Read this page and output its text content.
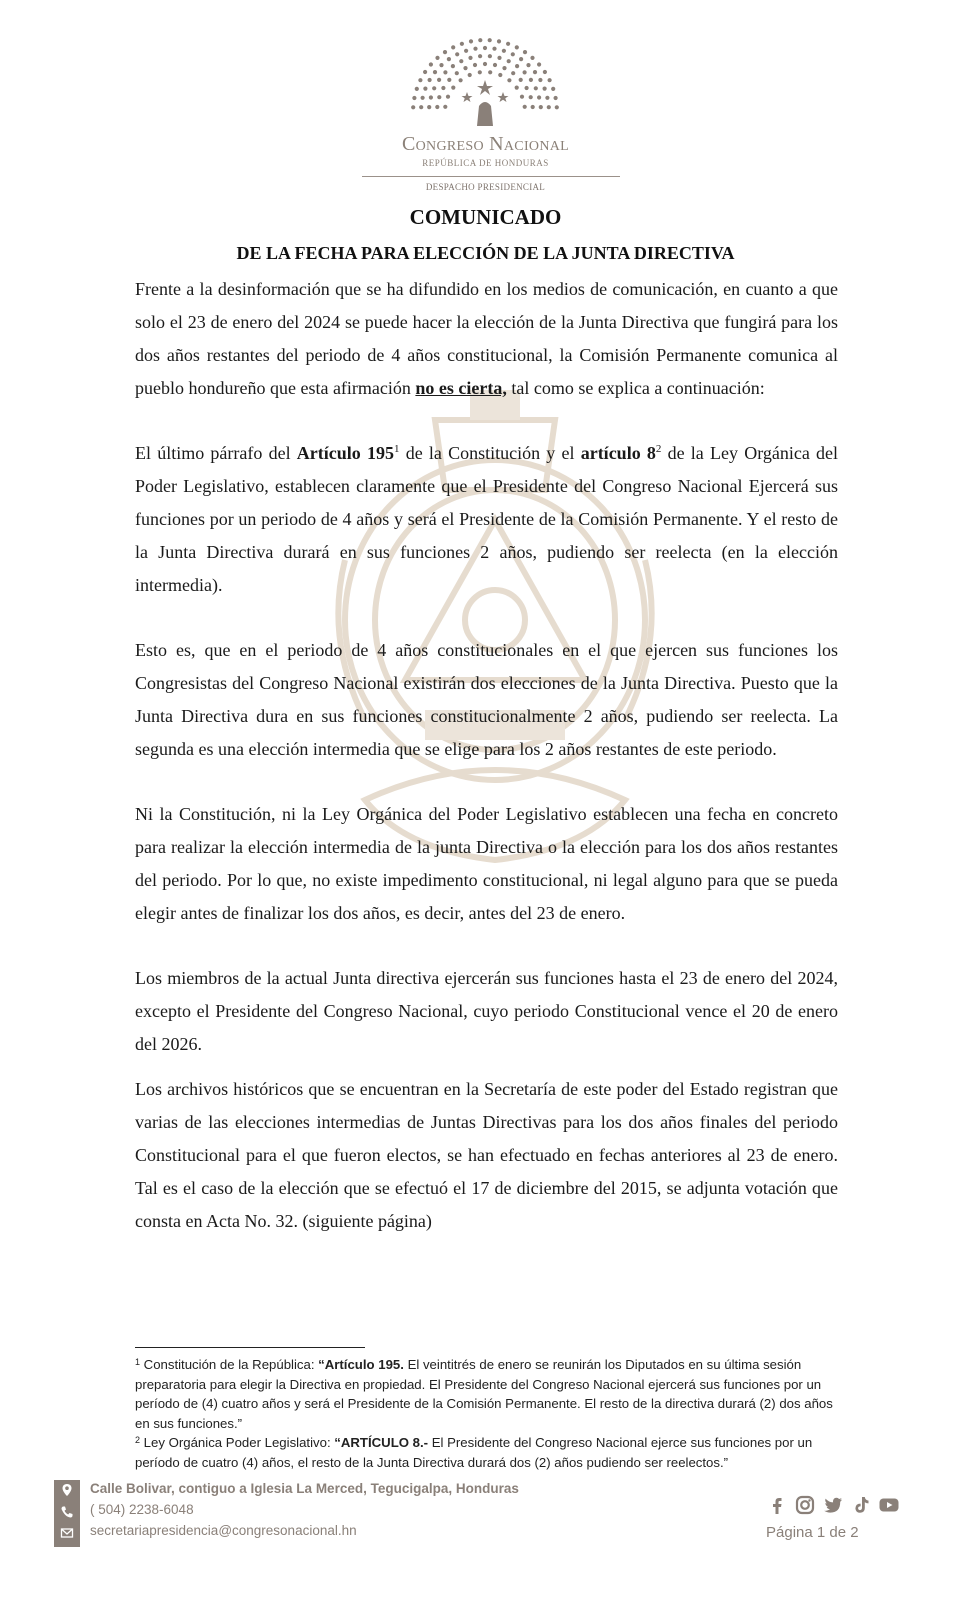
Congreso Nacional
REPÚBLICA DE HONDURAS
DESPACHO PRESIDENCIAL
COMUNICADO
DE LA FECHA PARA ELECCIÓN DE LA JUNTA DIRECTIVA

Frente a la desinformación que se ha difundido en los medios de comunicación, en cuanto a que solo el 23 de enero del 2024 se puede hacer la elección de la Junta Directiva que fungirá para los dos años restantes del periodo de 4 años constitucional, la Comisión Permanente comunica al pueblo hondureño que esta afirmación no es cierta, tal como se explica a continuación:

El último párrafo del Artículo $195^1$ de la Constitución y el artículo $8^2$ de la Ley Orgánica del Poder Legislativo, establecen claramente que el Presidente del Congreso Nacional Ejercerá sus funciones por un periodo de 4 años y será el Presidente de la Comisión Permanente. Y el resto de la Junta Directiva durará en sus funciones 2 años, pudiendo ser reelecta (en la elección intermedia).

Esto es, que en el periodo de 4 años constitucionales en el que ejercen sus funciones los Congresistas del Congreso Nacional existirán dos elecciones de la Junta Directiva. Puesto que la Junta Directiva dura en sus funciones constitucionalmente 2 años, pudiendo ser reelecta. La segunda es una elección intermedia que se elige para los 2 años restantes de este periodo.

Ni la Constitución, ni la Ley Orgánica del Poder Legislativo establecen una fecha en concreto para realizar la elección intermedia de la junta Directiva o la elección para los dos años restantes del periodo. Por lo que, no existe impedimento constitucional, ni legal alguno para que se pueda elegir antes de finalizar los dos años, es decir, antes del 23 de enero.

Los miembros de la actual Junta directiva ejercerán sus funciones hasta el 23 de enero del 2024, excepto el Presidente del Congreso Nacional, cuyo periodo Constitucional vence el 20 de enero del 2026.

Los archivos históricos que se encuentran en la Secretaría de este poder del Estado registran que varias de las elecciones intermedias de Juntas Directivas para los dos años finales del periodo Constitucional para el que fueron electos, se han efectuado en fechas anteriores al 23 de enero. Tal es el caso de la elección que se efectuó el 17 de diciembre del 2015, se adjunta votación que consta en Acta No. 32. (siguiente página)

$^1$ Constitución de la República: “Artículo 195. El veintitrés de enero se reunirán los Diputados en su última sesión preparatoria para elegir la Directiva en propiedad. El Presidente del Congreso Nacional ejercerá sus funciones por un período de (4) cuatro años y será el Presidente de la Comisión Permanente. El resto de la directiva durará (2) dos años en sus funciones.”

$^2$ Ley Orgánica Poder Legislativo: “ARTÍCULO 8.- El Presidente del Congreso Nacional ejerce sus funciones por un período de cuatro (4) años, el resto de la Junta Directiva durará dos (2) años pudiendo ser reelectos.”

Calle Bolivar, contiguo a Iglesia La Merced, Tegucigalpa, Honduras
( 504) 2238-6048
secretariapresidencia@congresonacional.hn	Página 1 de 2
